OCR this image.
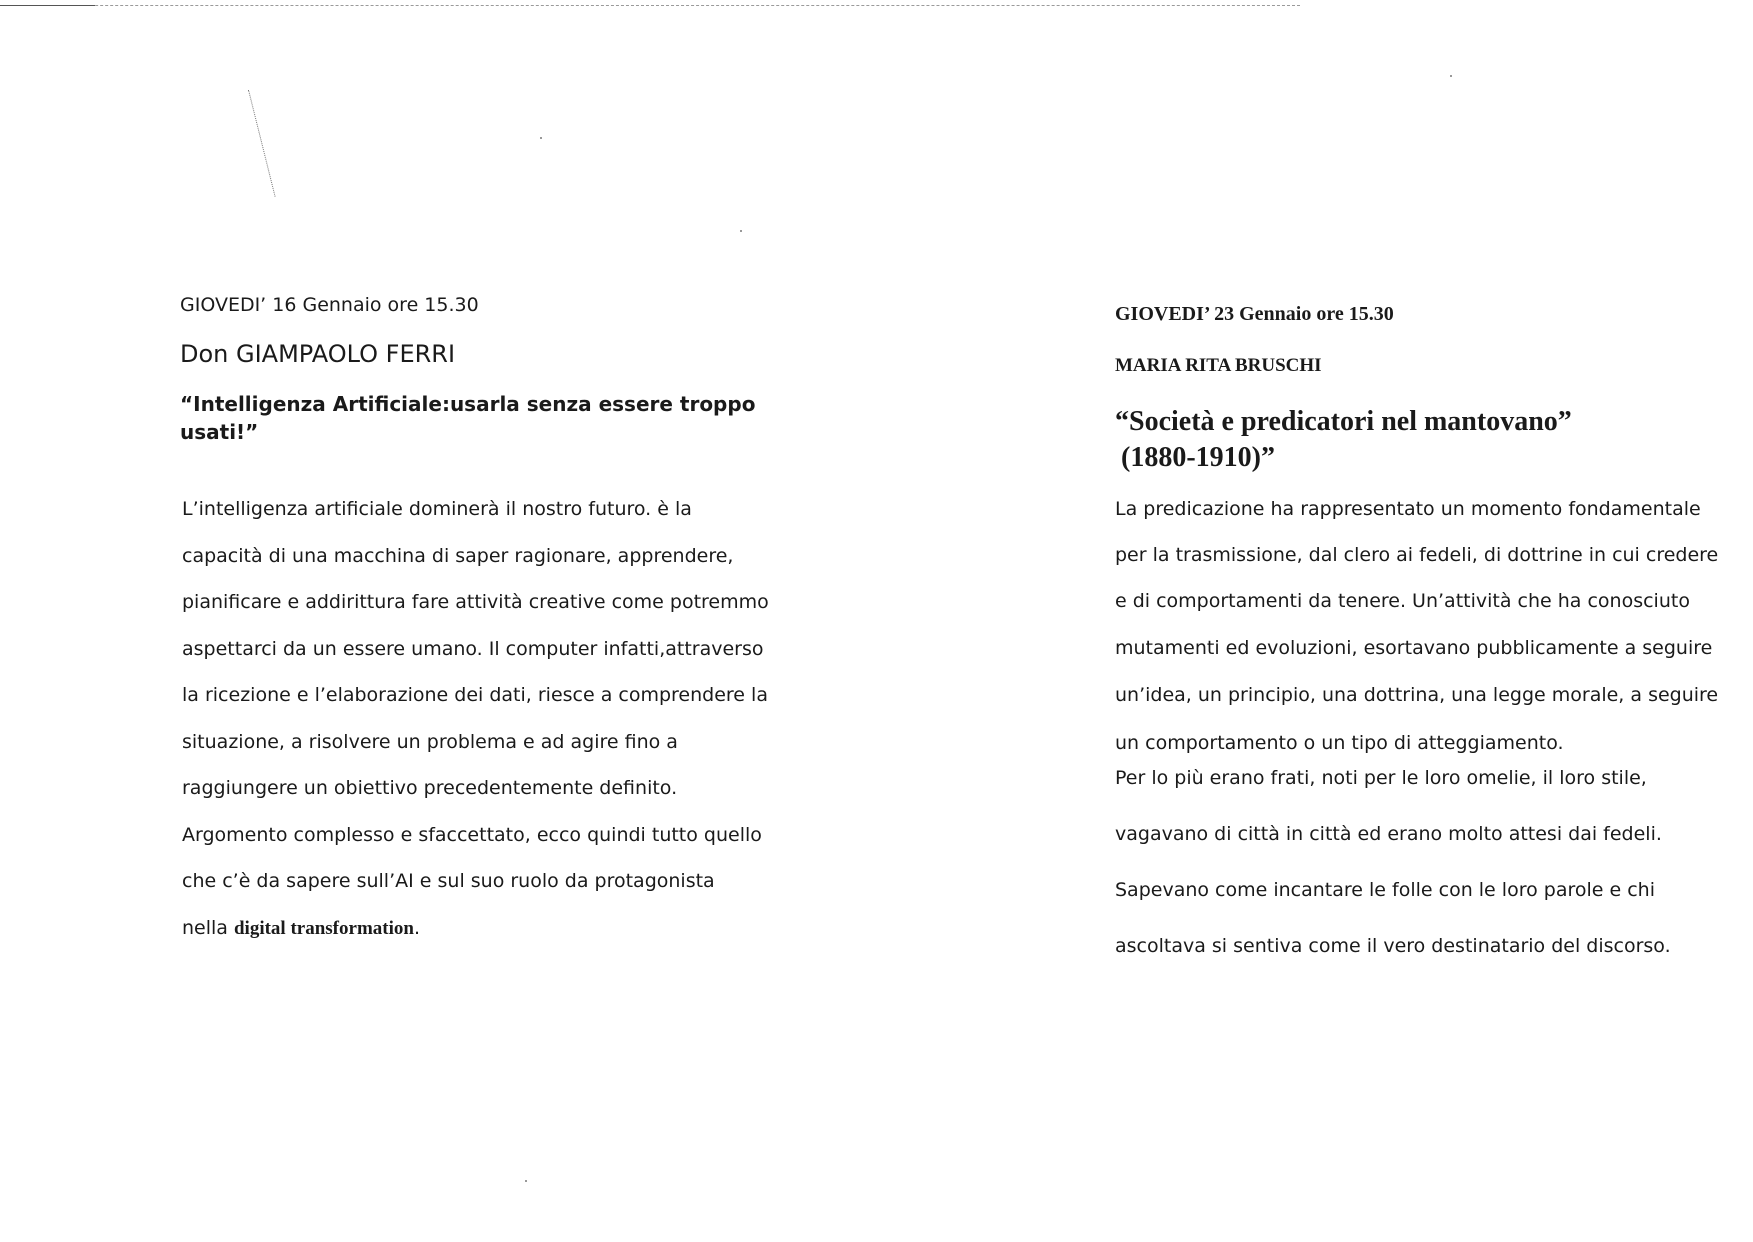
GIOVEDI’ 16 Gennaio ore 15.30

Don GIAMPAOLO FERRI

“Intelligenza Artificiale:usarla senza essere troppo usati!”

L’intelligenza artificiale dominerà il nostro futuro. è la
capacità di una macchina di saper ragionare, apprendere,
pianificare e addirittura fare attività creative come potremmo
aspettarci da un essere umano. Il computer infatti,attraverso
la ricezione e l’elaborazione dei dati, riesce a comprendere la
situazione, a risolvere un problema e ad agire fino a
raggiungere un obiettivo precedentemente definito.
Argomento complesso e sfaccettato, ecco quindi tutto quello
che c’è da sapere sull’AI e sul suo ruolo da protagonista
nella digital transformation.

GIOVEDI’ 23 Gennaio ore 15.30

MARIA RITA BRUSCHI

“Società e predicatori nel mantovano”

(1880-1910)”

La predicazione ha rappresentato un momento fondamentale
per la trasmissione, dal clero ai fedeli, di dottrine in cui credere
e di comportamenti da tenere. Un’attività che ha conosciuto
mutamenti ed evoluzioni, esortavano pubblicamente a seguire
un’idea, un principio, una dottrina, una legge morale, a seguire
un comportamento o un tipo di atteggiamento.
Per lo più erano frati, noti per le loro omelie, il loro stile,
vagavano di città in città ed erano molto attesi dai fedeli.
Sapevano come incantare le folle con le loro parole e chi
ascoltava si sentiva come il vero destinatario del discorso.
